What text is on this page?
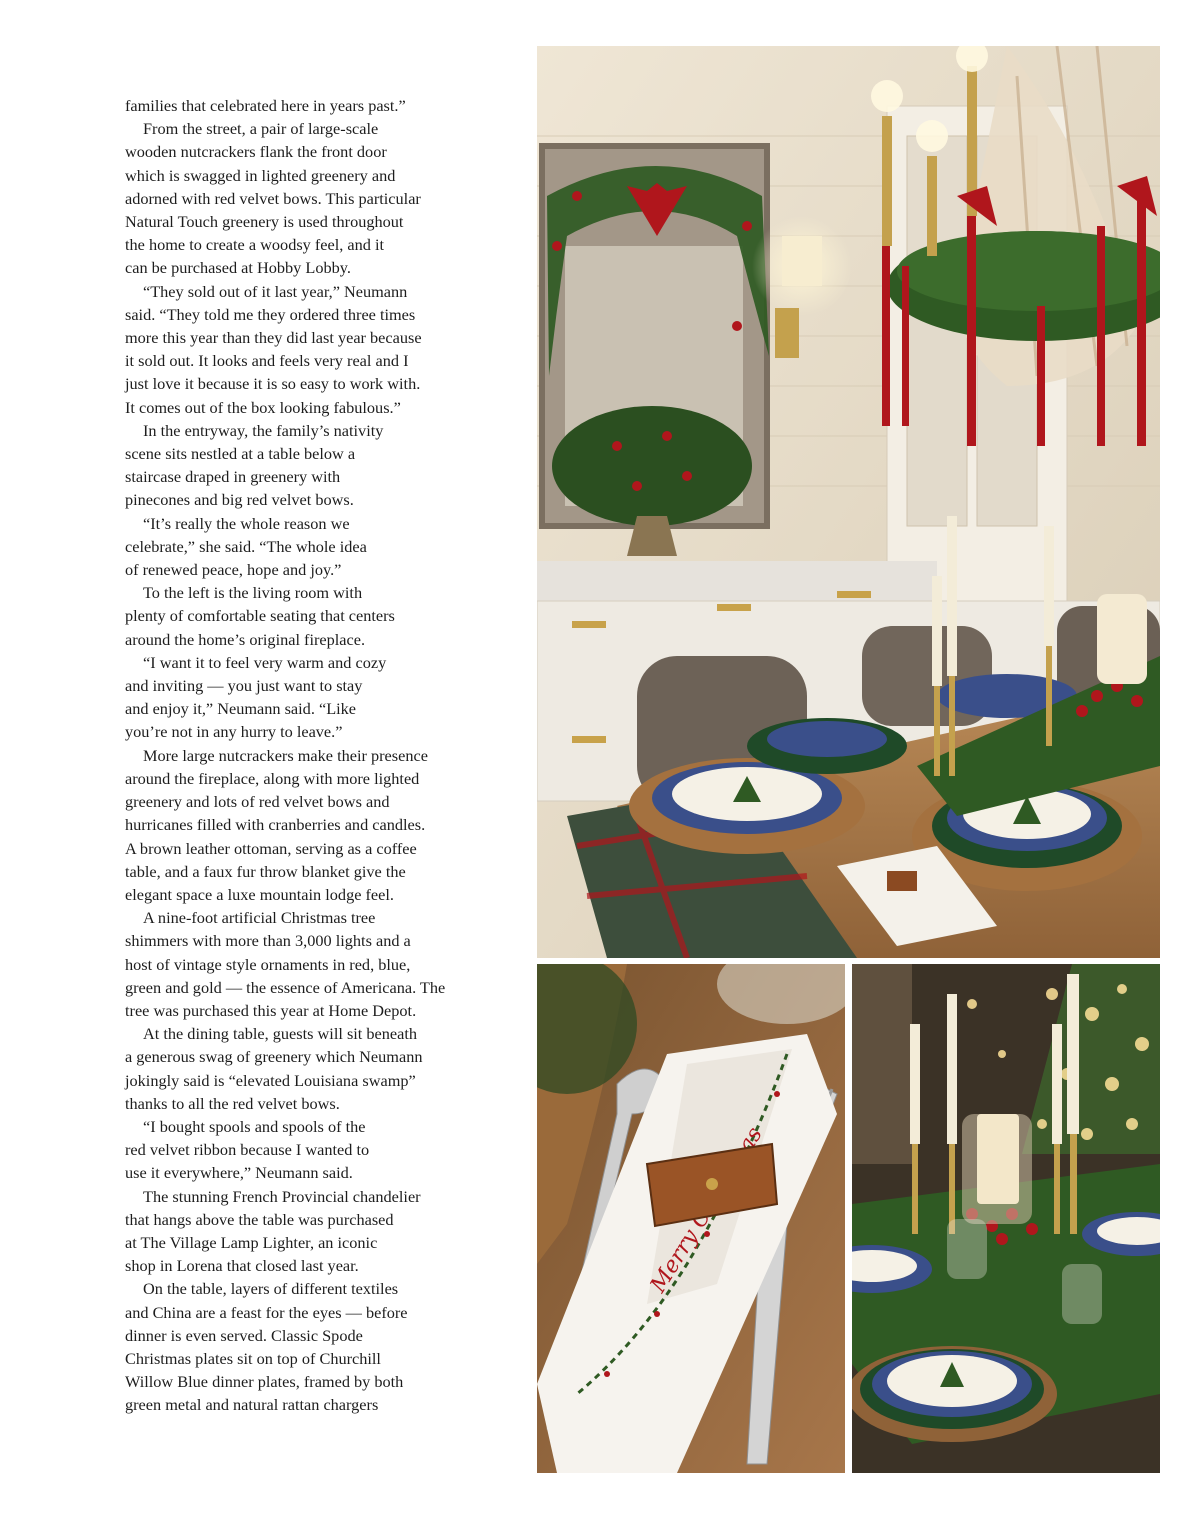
families that celebrated here in years past.”
From the street, a pair of large-scale
wooden nutcrackers flank the front door
which is swagged in lighted greenery and
adorned with red velvet bows. This particular
Natural Touch greenery is used throughout
the home to create a woodsy feel, and it
can be purchased at Hobby Lobby.
“They sold out of it last year,” Neumann
said. “They told me they ordered three times
more this year than they did last year because
it sold out. It looks and feels very real and I
just love it because it is so easy to work with.
It comes out of the box looking fabulous.”
In the entryway, the family’s nativity
scene sits nestled at a table below a
staircase draped in greenery with
pinecones and big red velvet bows.
“It’s really the whole reason we
celebrate,” she said. “The whole idea
of renewed peace, hope and joy.”
To the left is the living room with
plenty of comfortable seating that centers
around the home’s original fireplace.
“I want it to feel very warm and cozy
and inviting — you just want to stay
and enjoy it,” Neumann said. “Like
you’re not in any hurry to leave.”
More large nutcrackers make their presence
around the fireplace, along with more lighted
greenery and lots of red velvet bows and
hurricanes filled with cranberries and candles.
A brown leather ottoman, serving as a coffee
table, and a faux fur throw blanket give the
elegant space a luxe mountain lodge feel.
A nine-foot artificial Christmas tree
shimmers with more than 3,000 lights and a
host of vintage style ornaments in red, blue,
green and gold — the essence of Americana. The
tree was purchased this year at Home Depot.
At the dining table, guests will sit beneath
a generous swag of greenery which Neumann
jokingly said is “elevated Louisiana swamp”
thanks to all the red velvet bows.
“I bought spools and spools of the
red velvet ribbon because I wanted to
use it everywhere,” Neumann said.
The stunning French Provincial chandelier
that hangs above the table was purchased
at The Village Lamp Lighter, an iconic
shop in Lorena that closed last year.
On the table, layers of different textiles
and China are a feast for the eyes — before
dinner is even served. Classic Spode
Christmas plates sit on top of Churchill
Willow Blue dinner plates, framed by both
green metal and natural rattan chargers
